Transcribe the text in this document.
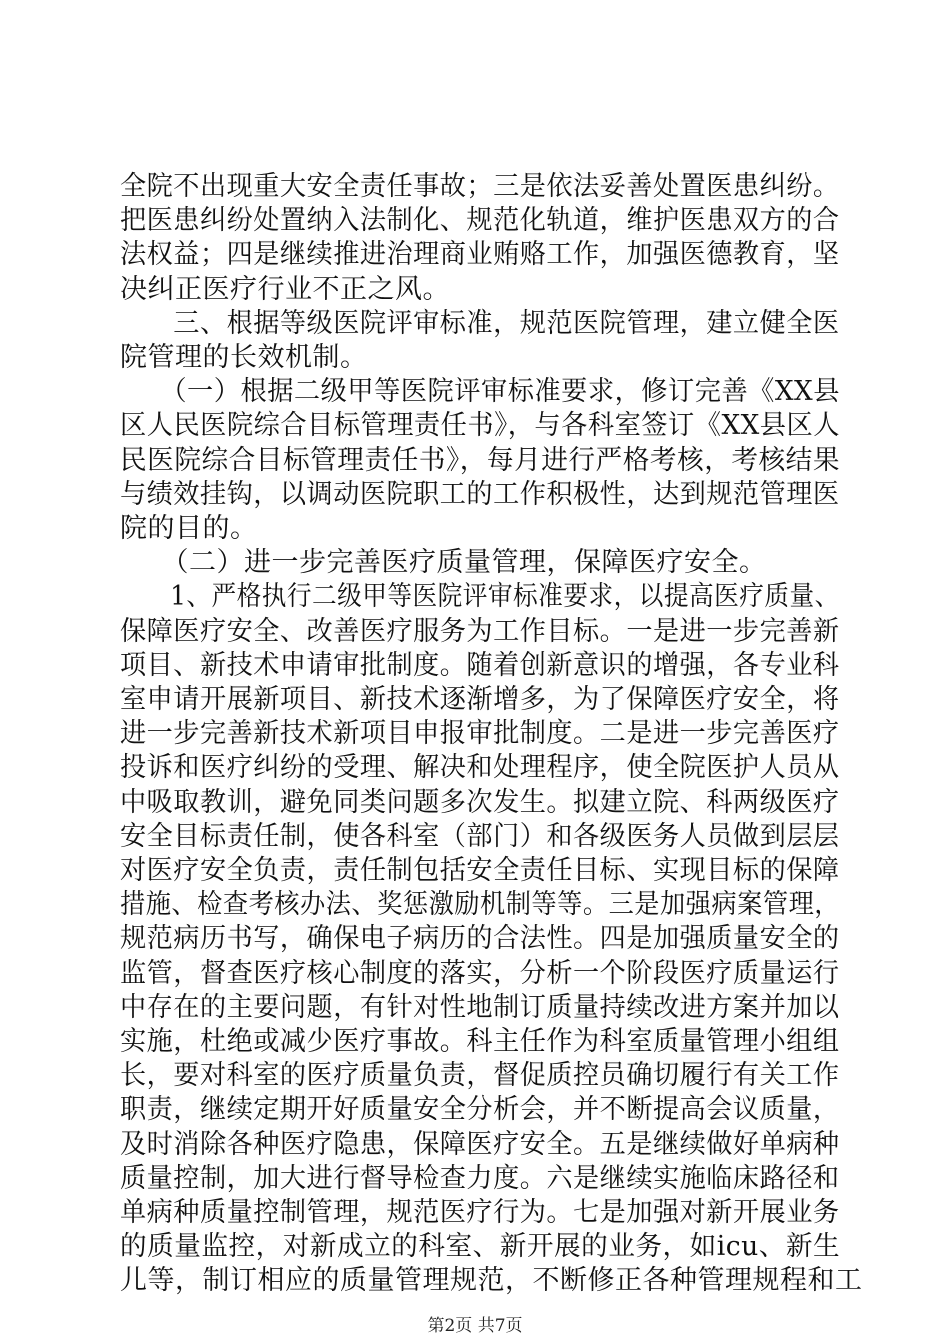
全院不出现重大安全责任事故；三是依法妥善处置医患纠纷。
把医患纠纷处置纳入法制化、规范化轨道，维护医患双方的合
法权益；四是继续推进治理商业贿赂工作，加强医德教育，坚
决纠正医疗行业不正之风。
　　三、根据等级医院评审标准，规范医院管理，建立健全医
院管理的长效机制。
　　（一）根据二级甲等医院评审标准要求，修订完善《XX县
区人民医院综合目标管理责任书》，与各科室签订《XX县区人
民医院综合目标管理责任书》，每月进行严格考核，考核结果
与绩效挂钩，以调动医院职工的工作积极性，达到规范管理医
院的目的。
　　（二）进一步完善医疗质量管理，保障医疗安全。
　　1、严格执行二级甲等医院评审标准要求，以提高医疗质量、
保障医疗安全、改善医疗服务为工作目标。一是进一步完善新
项目、新技术申请审批制度。随着创新意识的增强，各专业科
室申请开展新项目、新技术逐渐增多，为了保障医疗安全，将
进一步完善新技术新项目申报审批制度。二是进一步完善医疗
投诉和医疗纠纷的受理、解决和处理程序，使全院医护人员从
中吸取教训，避免同类问题多次发生。拟建立院、科两级医疗
安全目标责任制，使各科室（部门）和各级医务人员做到层层
对医疗安全负责，责任制包括安全责任目标、实现目标的保障
措施、检查考核办法、奖惩激励机制等等。三是加强病案管理，
规范病历书写，确保电子病历的合法性。四是加强质量安全的
监管，督查医疗核心制度的落实，分析一个阶段医疗质量运行
中存在的主要问题，有针对性地制订质量持续改进方案并加以
实施，杜绝或减少医疗事故。科主任作为科室质量管理小组组
长，要对科室的医疗质量负责，督促质控员确切履行有关工作
职责，继续定期开好质量安全分析会，并不断提高会议质量，
及时消除各种医疗隐患，保障医疗安全。五是继续做好单病种
质量控制，加大进行督导检查力度。六是继续实施临床路径和
单病种质量控制管理，规范医疗行为。七是加强对新开展业务
的质量监控，对新成立的科室、新开展的业务，如icu、新生
儿等，制订相应的质量管理规范，不断修正各种管理规程和工
第2页 共7页
